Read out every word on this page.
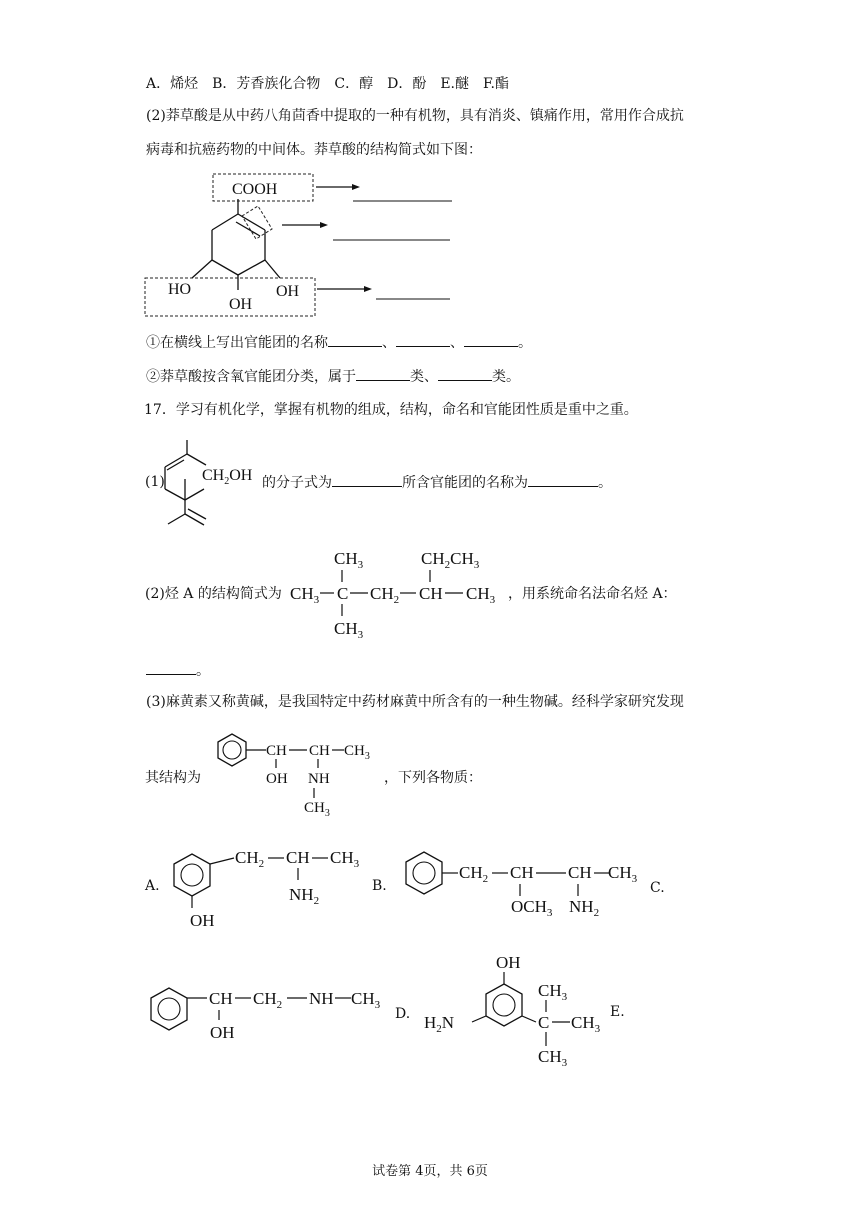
A．烯烃　B．芳香族化合物　C．醇　D．酚　E.醚　F.酯
(2)莽草酸是从中药八角茴香中提取的一种有机物，具有消炎、镇痛作用，常用作合成抗
病毒和抗癌药物的中间体。莽草酸的结构简式如下图：
COOH
HO
OH
OH
①在横线上写出官能团的名称	、	、	。
②莽草酸按含氧官能团分类，属于	类、	类。
17．学习有机化学，掌握有机物的组成，结构，命名和官能团性质是重中之重。
(1) $CH_2OH$ 的分子式为	所含官能团的名称为	。
(2)烃 A 的结构简式为
$CH_3$
$CH_3$ C $CH_2$ CH $CH_3$
$CH_3$
$CH_2CH_3$
，用系统命名法命名烃 A：
。
(3)麻黄素又称黄碱，是我国特定中药材麻黄中所含有的一种生物碱。经科学家研究发现
其结构为
CH CH $CH_3$
OH NH
$CH_3$
，下列各物质：
A.
$CH_2$ CH $CH_3$
$NH_2$
OH
B.
$CH_2$ CH CH $CH_3$
$OCH_3$ $NH_2$
C.
CH $CH_2$ NH $CH_3$
OH
D.
OH
$H_2N$	C $CH_3$
$CH_3$
$CH_3$
E.
试卷第 4页，共 6页
